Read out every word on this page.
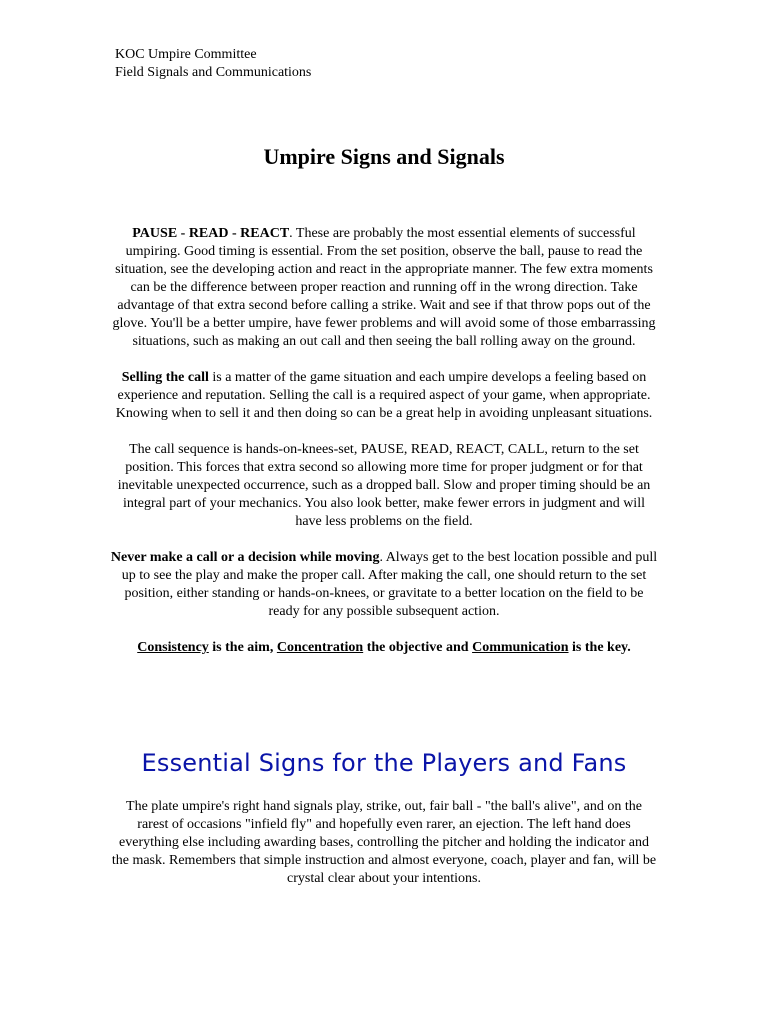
KOC Umpire Committee
Field Signals and Communications
Umpire Signs and Signals

PAUSE - READ - REACT. These are probably the most essential elements of successful umpiring. Good timing is essential. From the set position, observe the ball, pause to read the situation, see the developing action and react in the appropriate manner. The few extra moments can be the difference between proper reaction and running off in the wrong direction. Take advantage of that extra second before calling a strike. Wait and see if that throw pops out of the glove. You'll be a better umpire, have fewer problems and will avoid some of those embarrassing situations, such as making an out call and then seeing the ball rolling away on the ground.

Selling the call is a matter of the game situation and each umpire develops a feeling based on experience and reputation. Selling the call is a required aspect of your game, when appropriate. Knowing when to sell it and then doing so can be a great help in avoiding unpleasant situations.

The call sequence is hands-on-knees-set, PAUSE, READ, REACT, CALL, return to the set position. This forces that extra second so allowing more time for proper judgment or for that inevitable unexpected occurrence, such as a dropped ball. Slow and proper timing should be an integral part of your mechanics. You also look better, make fewer errors in judgment and will have less problems on the field.

Never make a call or a decision while moving. Always get to the best location possible and pull up to see the play and make the proper call. After making the call, one should return to the set position, either standing or hands-on-knees, or gravitate to a better location on the field to be ready for any possible subsequent action.

Consistency is the aim, Concentration the objective and Communication is the key.

Essential Signs for the Players and Fans

The plate umpire's right hand signals play, strike, out, fair ball - "the ball's alive", and on the rarest of occasions "infield fly" and hopefully even rarer, an ejection. The left hand does everything else including awarding bases, controlling the pitcher and holding the indicator and the mask. Remembers that simple instruction and almost everyone, coach, player and fan, will be crystal clear about your intentions.
